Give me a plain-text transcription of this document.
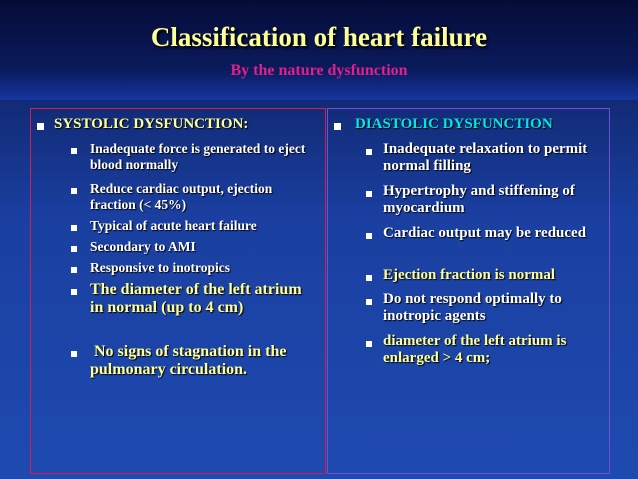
Classification of heart failure
By the nature dysfunction
SYSTOLIC DYSFUNCTION:
Inadequate force is generated to eject blood normally
Reduce cardiac output, ejection fraction (< 45%)
Typical of acute heart failure
Secondary to AMI
Responsive to inotropics
The diameter of the left atrium in normal (up to 4 cm)
No signs of stagnation in the pulmonary circulation.
DIASTOLIC DYSFUNCTION
Inadequate relaxation to permit normal filling
Hypertrophy and stiffening of myocardium
Cardiac output may be reduced
Ejection fraction is normal
Do not respond optimally to inotropic agents
diameter of the left atrium is enlarged > 4 cm;
